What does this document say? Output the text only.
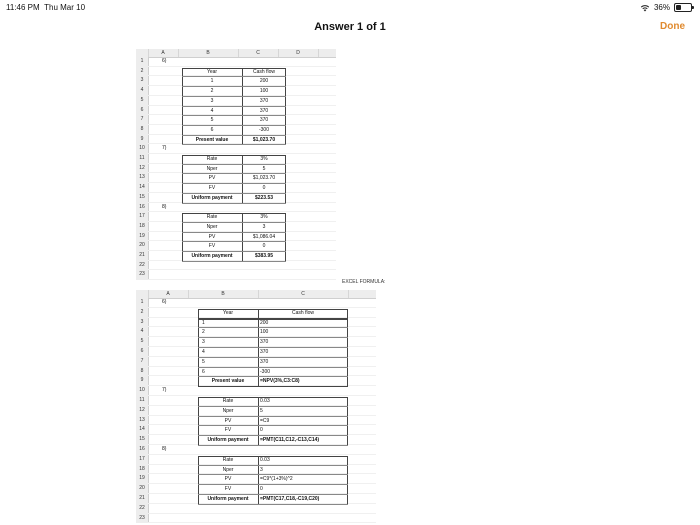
11:46 PM Thu Mar 10	36%
Answer 1 of 1	Done
A	B	C	D
1
2
3
4
5
6
7
8
9
10
11
12
13
14
15
16
17
18
19
20
21
22
23
6)
Year	Cash flow
1	200
2	100
3	370
4	370
5	370
6	-300
Present value	$1,023.70
7)
Rate	3%
Nper	5
PV	$1,023.70
FV	0
Uniform payment	$223.53
8)
Rate	3%
Nper	3
PV	$1,086.04
FV	0
Uniform payment	$383.95
EXCEL FORMULA:
A	B	C
1
2
3
4
5
6
7
8
9
10
11
12
13
14
15
16
17
18
19
20
21
22
23
6)
Year	Cash flow
1	200
2	100
3	370
4	370
5	370
6	-300
Present value	=NPV(3%,C3:C8)
7)
Rate	0.03
Nper	5
PV	=C9
FV	0
Uniform payment	=PMT(C11,C12,-C13,C14)
8)
Rate	0.03
Nper	3
PV	=C9*(1+3%)^2
FV	0
Uniform payment	=PMT(C17,C18,-C19,C20)
